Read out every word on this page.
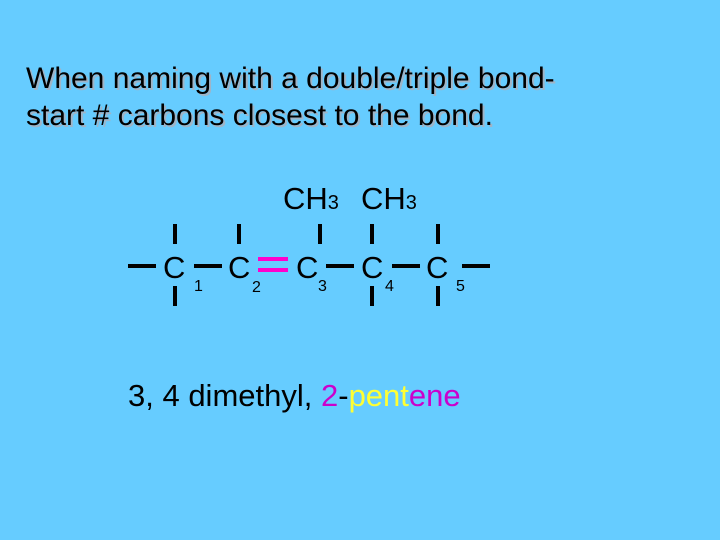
When naming with a double/triple bond-
start # carbons closest to the bond.
CH3 CH3
C C C C C
1	2	3	4	5
3, 4 dimethyl, 2-pentene
